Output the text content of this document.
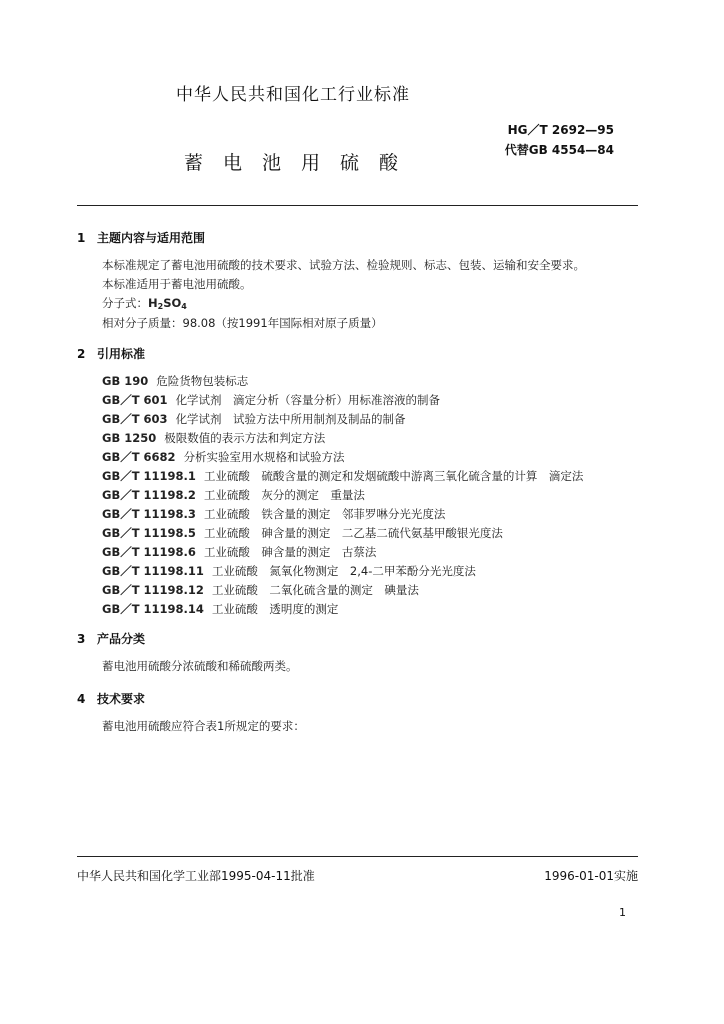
中华人民共和国化工行业标准
HG／T 2692—95
代替GB 4554—84
蓄电池用硫酸
1 主题内容与适用范围
本标准规定了蓄电池用硫酸的技术要求、试验方法、检验规则、标志、包装、运输和安全要求。
本标准适用于蓄电池用硫酸。
分子式：$H_2SO_4$
相对分子质量：98.08（按1991年国际相对原子质量）
2 引用标准
GB 190 危险货物包装标志
GB／T 601 化学试剂　滴定分析（容量分析）用标准溶液的制备
GB／T 603 化学试剂　试验方法中所用制剂及制品的制备
GB 1250 极限数值的表示方法和判定方法
GB／T 6682 分析实验室用水规格和试验方法
GB／T 11198.1 工业硫酸　硫酸含量的测定和发烟硫酸中游离三氧化硫含量的计算　滴定法
GB／T 11198.2 工业硫酸　灰分的测定　重量法
GB／T 11198.3 工业硫酸　铁含量的测定　邻菲罗啉分光光度法
GB／T 11198.5 工业硫酸　砷含量的测定　二乙基二硫代氨基甲酸银光度法
GB／T 11198.6 工业硫酸　砷含量的测定　古蔡法
GB／T 11198.11 工业硫酸　氮氧化物测定　2,4-二甲苯酚分光光度法
GB／T 11198.12 工业硫酸　二氧化硫含量的测定　碘量法
GB／T 11198.14 工业硫酸　透明度的测定
3 产品分类
蓄电池用硫酸分浓硫酸和稀硫酸两类。
4 技术要求
蓄电池用硫酸应符合表1所规定的要求：
中华人民共和国化学工业部1995-04-11批准	1996-01-01实施
1
